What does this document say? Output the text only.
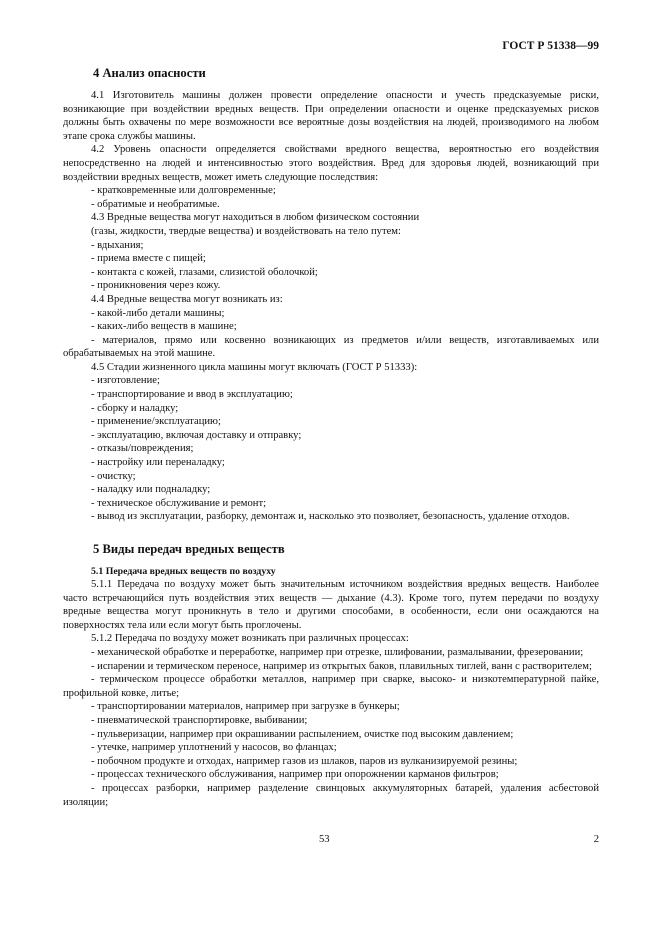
ГОСТ Р 51338—99
4 Анализ опасности

4.1 Изготовитель машины должен провести определение опасности и учесть предсказуемые риски, возникающие при воздействии вредных веществ. При определении опасности и оценке предсказуемых рисков должны быть охвачены по мере возможности все вероятные дозы воздействия на людей, производимого на любом этапе срока службы машины.

4.2 Уровень опасности определяется свойствами вредного вещества, вероятностью его воздействия непосредственно на людей и интенсивностью этого воздействия. Вред для здоровья людей, возникающий при воздействии вредных веществ, может иметь следующие последствия:

- кратковременные или долговременные;

- обратимые и необратимые.

4.3 Вредные вещества могут находиться в любом физическом состоянии

(газы, жидкости, твердые вещества) и воздействовать на тело путем:

- вдыхания;

- приема вместе с пищей;

- контакта с кожей, глазами, слизистой оболочкой;

- проникновения через кожу.

4.4 Вредные вещества могут возникать из:

- какой-либо детали машины;

- каких-либо веществ в машине;

- материалов, прямо или косвенно возникающих из предметов и/или веществ, изготавливаемых или обрабатываемых на этой машине.

4.5 Стадии жизненного цикла машины могут включать (ГОСТ Р 51333):

- изготовление;

- транспортирование и ввод в эксплуатацию;

- сборку и наладку;

- применение/эксплуатацию;

- эксплуатацию, включая доставку и отправку;

- отказы/повреждения;

- настройку или переналадку;

- очистку;

- наладку или подналадку;

- техническое обслуживание и ремонт;

- вывод из эксплуатации, разборку, демонтаж и, насколько это позволяет, безопасность, удаление отходов.

5 Виды передач вредных веществ
5.1 Передача вредных веществ по воздуху

5.1.1 Передача по воздуху может быть значительным источником воздействия вредных веществ. Наиболее часто встречающийся путь воздействия этих веществ — дыхание (4.3). Кроме того, путем передачи по воздуху вредные вещества могут проникнуть в тело и другими способами, в особенности, если они осаждаются на поверхностях тела или если могут быть проглочены.

5.1.2 Передача по воздуху может возникать при различных процессах:

- механической обработке и переработке, например при отрезке, шлифовании, размалывании, фрезеровании;

- испарении и термическом переносе, например из открытых баков, плавильных тиглей, ванн с растворителем;

- термическом процессе обработки металлов, например при сварке, высоко- и низкотемпературной пайке, профильной ковке, литье;

- транспортировании материалов, например при загрузке в бункеры;

- пневматической транспортировке, выбивании;

- пульверизации, например при окрашивании распылением, очистке под высоким давлением;

- утечке, например уплотнений у насосов, во фланцах;

- побочном продукте и отходах, например газов из шлаков, паров из вулканизируемой резины;

- процессах технического обслуживания, например при опорожнении карманов фильтров;

- процессах разборки, например разделение свинцовых аккумуляторных батарей, удаления асбестовой изоляции;

53	2
